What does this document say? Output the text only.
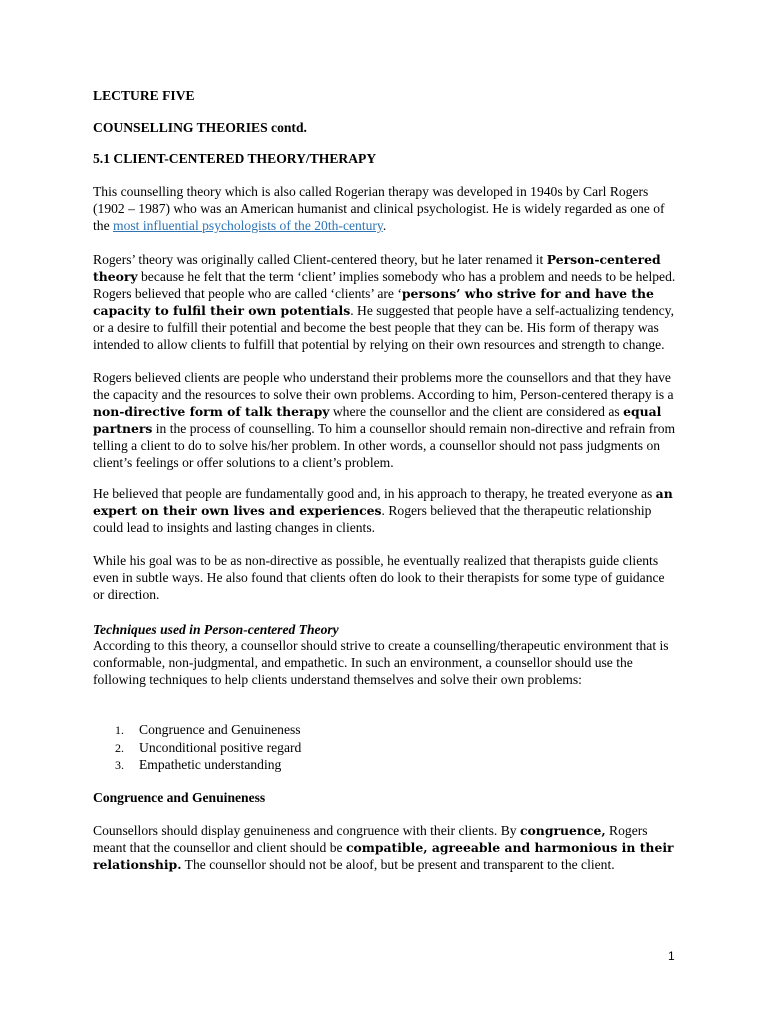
LECTURE FIVE

COUNSELLING THEORIES contd.

5.1 CLIENT-CENTERED THEORY/THERAPY

This counselling theory which is also called Rogerian therapy was developed in 1940s by Carl Rogers (1902 – 1987) who was an American humanist and clinical psychologist. He is widely regarded as one of the most influential psychologists of the 20th-century.

Rogers’ theory was originally called Client-centered theory, but he later renamed it Person-centered theory because he felt that the term ‘client’ implies somebody who has a problem and needs to be helped. Rogers believed that people who are called ‘clients’ are ‘persons’ who strive for and have the capacity to fulfil their own potentials. He suggested that people have a self-actualizing tendency, or a desire to fulfill their potential and become the best people that they can be. His form of therapy was intended to allow clients to fulfill that potential by relying on their own resources and strength to change.

Rogers believed clients are people who understand their problems more the counsellors and that they have the capacity and the resources to solve their own problems. According to him, Person-centered therapy is a non-directive form of talk therapy where the counsellor and the client are considered as equal partners in the process of counselling. To him a counsellor should remain non-directive and refrain from telling a client to do to solve his/her problem. In other words, a counsellor should not pass judgments on client’s feelings or offer solutions to a client’s problem.

He believed that people are fundamentally good and, in his approach to therapy, he treated everyone as an expert on their own lives and experiences. Rogers believed that the therapeutic relationship could lead to insights and lasting changes in clients.

While his goal was to be as non-directive as possible, he eventually realized that therapists guide clients even in subtle ways. He also found that clients often do look to their therapists for some type of guidance or direction.

Techniques used in Person-centered Theory

According to this theory, a counsellor should strive to create a counselling/therapeutic environment that is conformable, non-judgmental, and empathetic. In such an environment, a counsellor should use the following techniques to help clients understand themselves and solve their own problems:

1. Congruence and Genuineness
2. Unconditional positive regard
3. Empathetic understanding

Congruence and Genuineness

Counsellors should display genuineness and congruence with their clients. By congruence, Rogers meant that the counsellor and client should be compatible, agreeable and harmonious in their relationship. The counsellor should not be aloof, but be present and transparent to the client.

1
